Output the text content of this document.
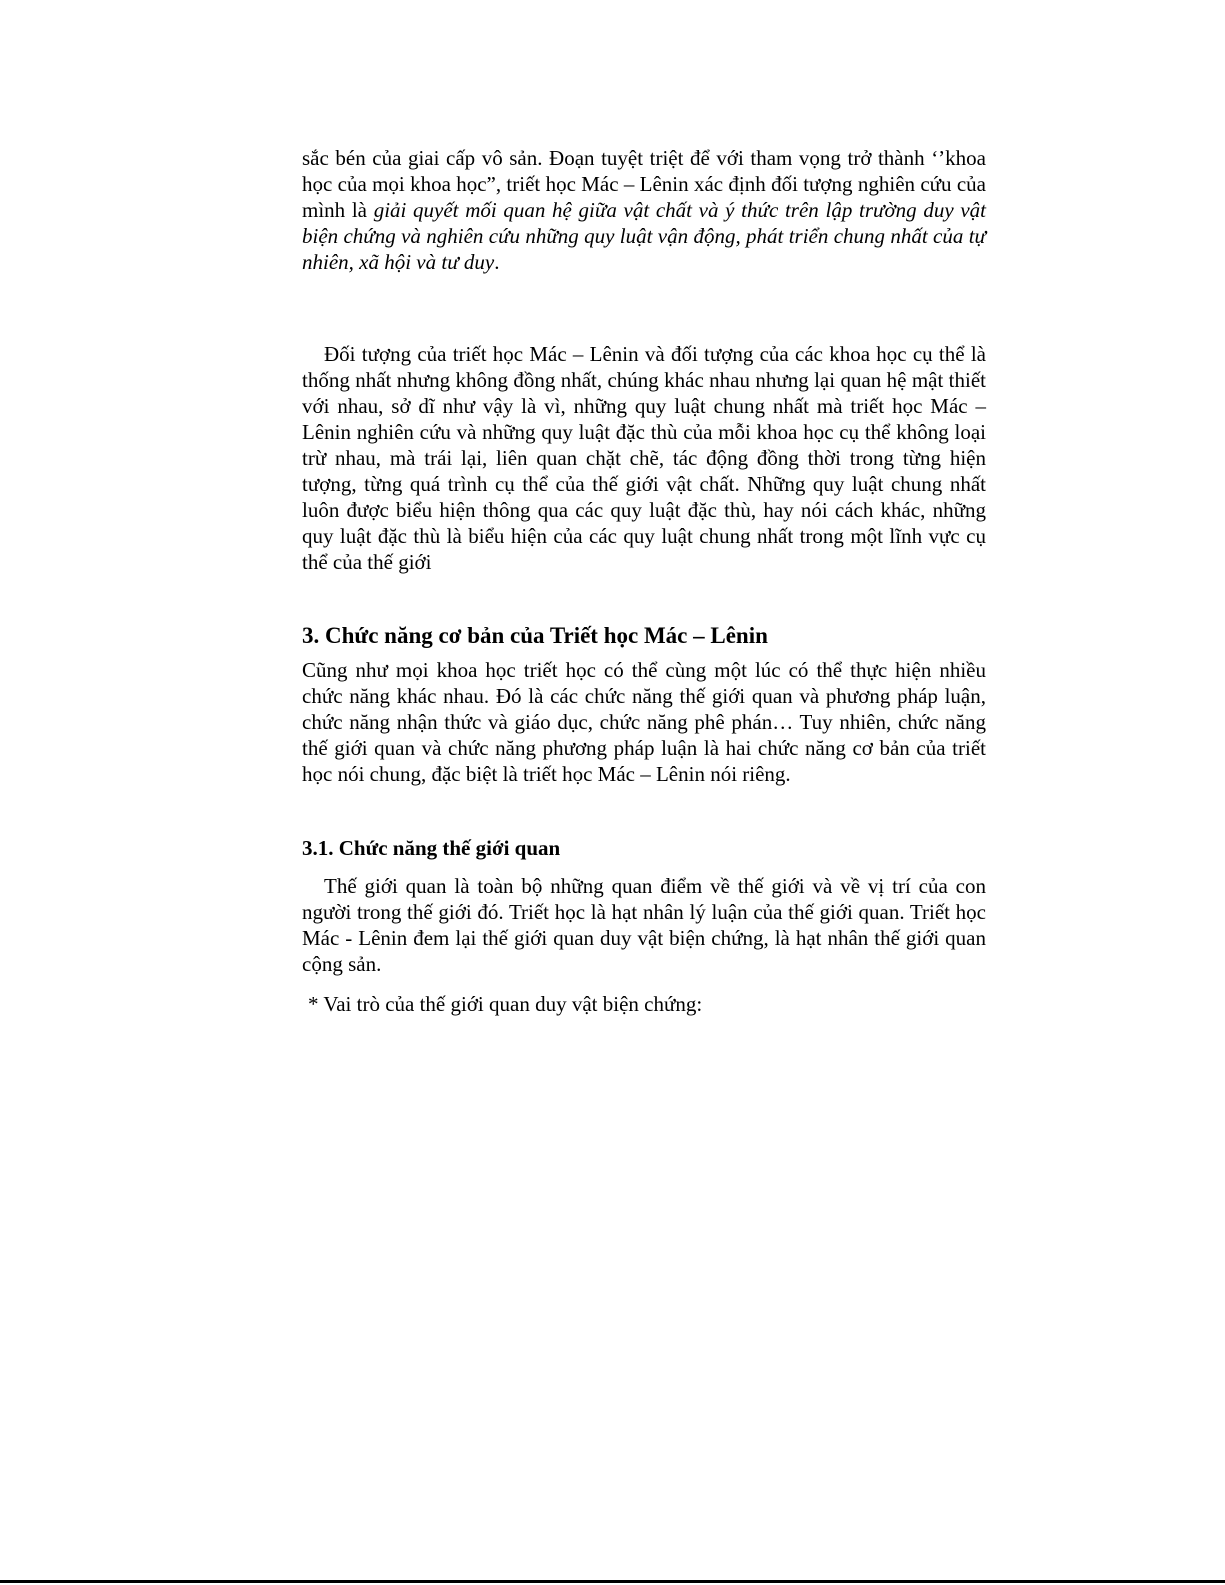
sắc bén của giai cấp vô sản. Đoạn tuyệt triệt để với tham vọng trở thành ‘’khoa học của mọi khoa học”, triết học Mác – Lênin xác định đối tượng nghiên cứu của mình là giải quyết mối quan hệ giữa vật chất và ý thức trên lập trường duy vật biện chứng và nghiên cứu những quy luật vận động, phát triển chung nhất của tự nhiên, xã hội và tư duy.

Đối tượng của triết học Mác – Lênin và đối tượng của các khoa học cụ thể là thống nhất nhưng không đồng nhất, chúng khác nhau nhưng lại quan hệ mật thiết với nhau, sở dĩ như vậy là vì, những quy luật chung nhất mà triết học Mác – Lênin nghiên cứu và những quy luật đặc thù của mỗi khoa học cụ thể không loại trừ nhau, mà trái lại, liên quan chặt chẽ, tác động đồng thời trong từng hiện tượng, từng quá trình cụ thể của thế giới vật chất. Những quy luật chung nhất luôn được biểu hiện thông qua các quy luật đặc thù, hay nói cách khác, những quy luật đặc thù là biểu hiện của các quy luật chung nhất trong một lĩnh vực cụ thể của thế giới

3. Chức năng cơ bản của Triết học Mác – Lênin

Cũng như mọi khoa học triết học có thể cùng một lúc có thể thực hiện nhiều chức năng khác nhau. Đó là các chức năng thế giới quan và phương pháp luận, chức năng nhận thức và giáo dục, chức năng phê phán… Tuy nhiên, chức năng thế giới quan và chức năng phương pháp luận là hai chức năng cơ bản của triết học nói chung, đặc biệt là triết học Mác – Lênin nói riêng.

3.1. Chức năng thế giới quan

Thế giới quan là toàn bộ những quan điểm về thế giới và về vị trí của con người trong thế giới đó. Triết học là hạt nhân lý luận của thế giới quan. Triết học Mác - Lênin đem lại thế giới quan duy vật biện chứng, là hạt nhân thế giới quan cộng sản.

* Vai trò của thế giới quan duy vật biện chứng:
